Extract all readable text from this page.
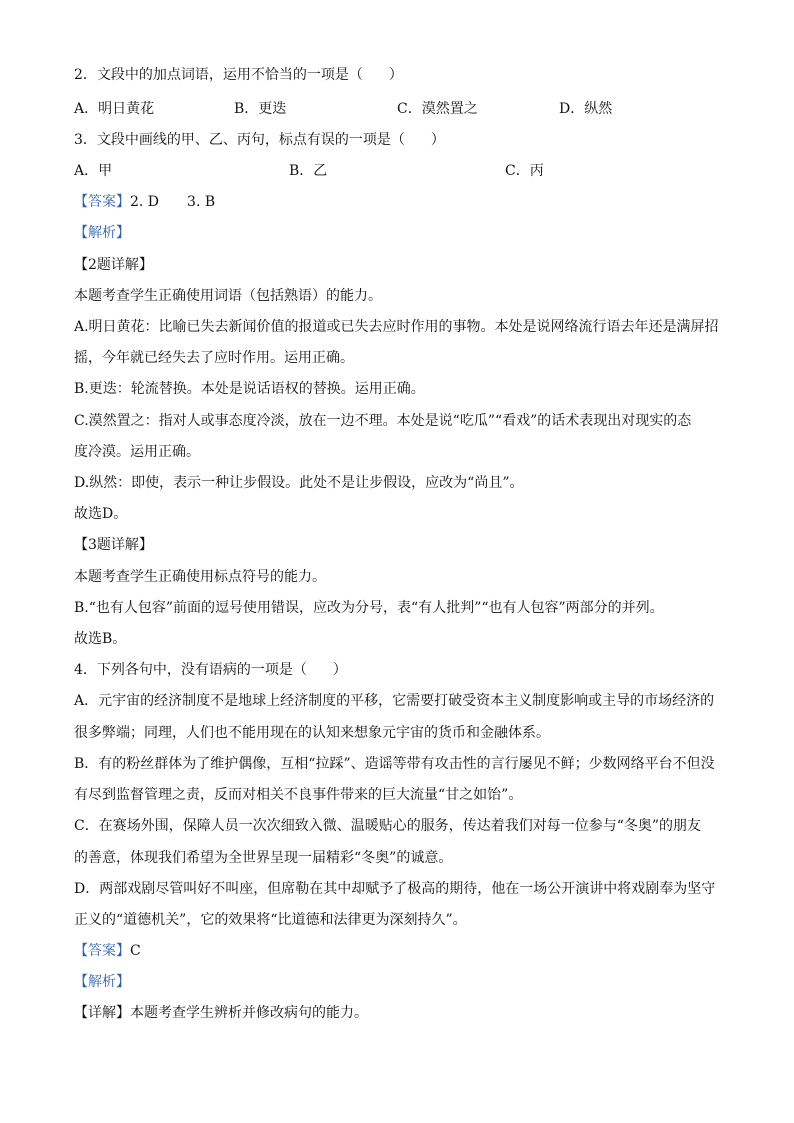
2．文段中的加点词语，运用不恰当的一项是（ ）
A．明日黄花	B．更迭	C．漠然置之	D．纵然
3．文段中画线的甲、乙、丙句，标点有误的一项是（ ）
A．甲	B．乙	C．丙
【答案】2. D 3. B
【解析】
【2题详解】
本题考查学生正确使用词语（包括熟语）的能力。
A.明日黄花：比喻已失去新闻价值的报道或已失去应时作用的事物。本处是说网络流行语去年还是满屏招
摇，今年就已经失去了应时作用。运用正确。
B.更迭：轮流替换。本处是说话语权的替换。运用正确。
C.漠然置之：指对人或事态度冷淡，放在一边不理。本处是说“吃瓜”“看戏”的话术表现出对现实的态
度冷漠。运用正确。
D.纵然：即使，表示一种让步假设。此处不是让步假设，应改为“尚且”。
故选D。
【3题详解】
本题考查学生正确使用标点符号的能力。
B.“也有人包容”前面的逗号使用错误，应改为分号，表“有人批判”“也有人包容”两部分的并列。
故选B。
4．下列各句中，没有语病的一项是（ ）
A．元宇宙的经济制度不是地球上经济制度的平移，它需要打破受资本主义制度影响或主导的市场经济的
很多弊端；同理，人们也不能用现在的认知来想象元宇宙的货币和金融体系。
B．有的粉丝群体为了维护偶像，互相“拉踩”、造谣等带有攻击性的言行屡见不鲜；少数网络平台不但没
有尽到监督管理之责，反而对相关不良事件带来的巨大流量“甘之如饴”。
C．在赛场外围，保障人员一次次细致入微、温暖贴心的服务，传达着我们对每一位参与“冬奥”的朋友
的善意，体现我们希望为全世界呈现一届精彩“冬奥”的诚意。
D．两部戏剧尽管叫好不叫座，但席勒在其中却赋予了极高的期待，他在一场公开演讲中将戏剧奉为坚守
正义的“道德机关”，它的效果将“比道德和法律更为深刻持久”。
【答案】C
【解析】
【详解】本题考查学生辨析并修改病句的能力。
